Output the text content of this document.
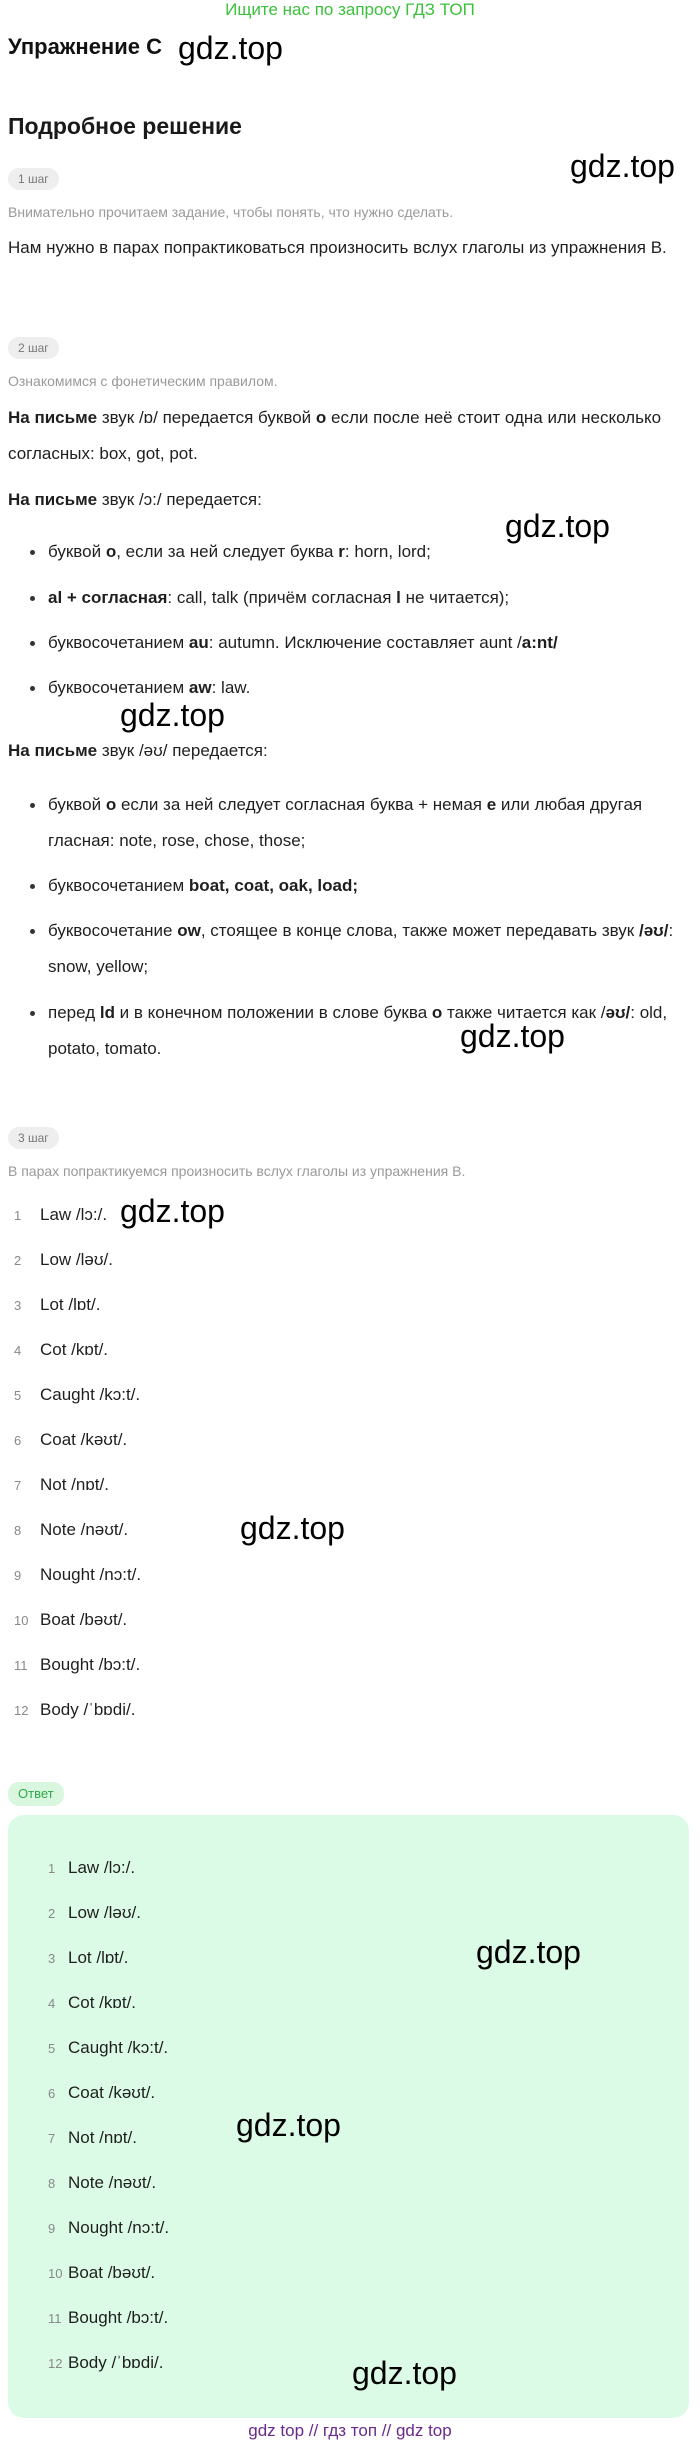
Ищите нас по запросу ГДЗ ТОП
Упражнение С gdz.top
Подробное решение
gdz.top
1 шаг
Внимательно прочитаем задание, чтобы понять, что нужно сделать.
Нам нужно в парах попрактиковаться произносить вслух глаголы из упражнения B.
2 шаг
Ознакомимся с фонетическим правилом.
На письме звук /ɒ/ передается буквой о если после неё стоит одна или несколько согласных: box, got, pot.
На письме звук /ɔ:/ передается:
gdz.top
буквой o, если за ней следует буква r: horn, lord;
al + согласная: call, talk (причём согласная l не читается);
буквосочетанием au: autumn. Исключение составляет aunt /a:nt/
буквосочетанием aw: law.
gdz.top
На письме звук /əʊ/ передается:
буквой o если за ней следует согласная буква + немая e или любая другая гласная: note, rose, chose, those;
буквосочетанием boat, coat, oak, load;
буквосочетание ow, стоящее в конце слова, также может передавать звук /əʊ/: snow, yellow;
перед ld и в конечном положении в слове буква о также читается как /əʊ/: old, potato, tomato.	gdz.top
3 шаг
В парах попрактикуемся произносить вслух глаголы из упражнения B.
1 Law /lɔ:/.
2 Low /ləʊ/.
3 Lot /lɒt/.
4 Cot /kɒt/.
5 Caught /kɔ:t/.
6 Coat /kəʊt/.
7 Not /nɒt/.
8 Note /nəʊt/.
9 Nought /nɔ:t/.
10 Boat /bəʊt/.
11 Bought /bɔ:t/.
12 Body /ˈbɒdi/.
gdz.top
gdz.top
Ответ
1 Law /lɔ:/.
2 Low /ləʊ/.
3 Lot /lɒt/.
4 Cot /kɒt/.
5 Caught /kɔ:t/.
6 Coat /kəʊt/.
7 Not /nɒt/.
8 Note /nəʊt/.
9 Nought /nɔ:t/.
10 Boat /bəʊt/.
11 Bought /bɔ:t/.
12 Body /ˈbɒdi/.
gdz.top
gdz.top
gdz.top
gdz top // гдз топ // gdz top
